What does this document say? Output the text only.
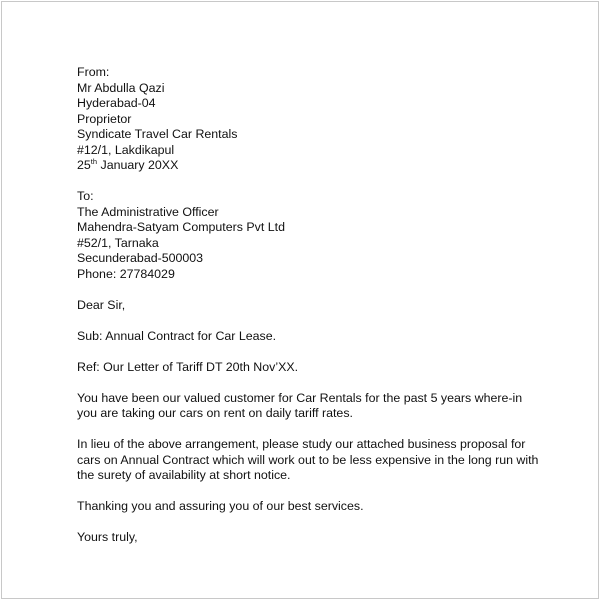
From:
Mr Abdulla Qazi
Hyderabad-04
Proprietor
Syndicate Travel Car Rentals
#12/1, Lakdikapul
25th January 20XX
To:
The Administrative Officer
Mahendra-Satyam Computers Pvt Ltd
#52/1, Tarnaka
Secunderabad-500003
Phone: 27784029
Dear Sir,
Sub: Annual Contract for Car Lease.
Ref: Our Letter of Tariff DT 20th Nov’XX.
You have been our valued customer for Car Rentals for the past 5 years where-in
you are taking our cars on rent on daily tariff rates.
In lieu of the above arrangement, please study our attached business proposal for
cars on Annual Contract which will work out to be less expensive in the long run with
the surety of availability at short notice.
Thanking you and assuring you of our best services.
Yours truly,
